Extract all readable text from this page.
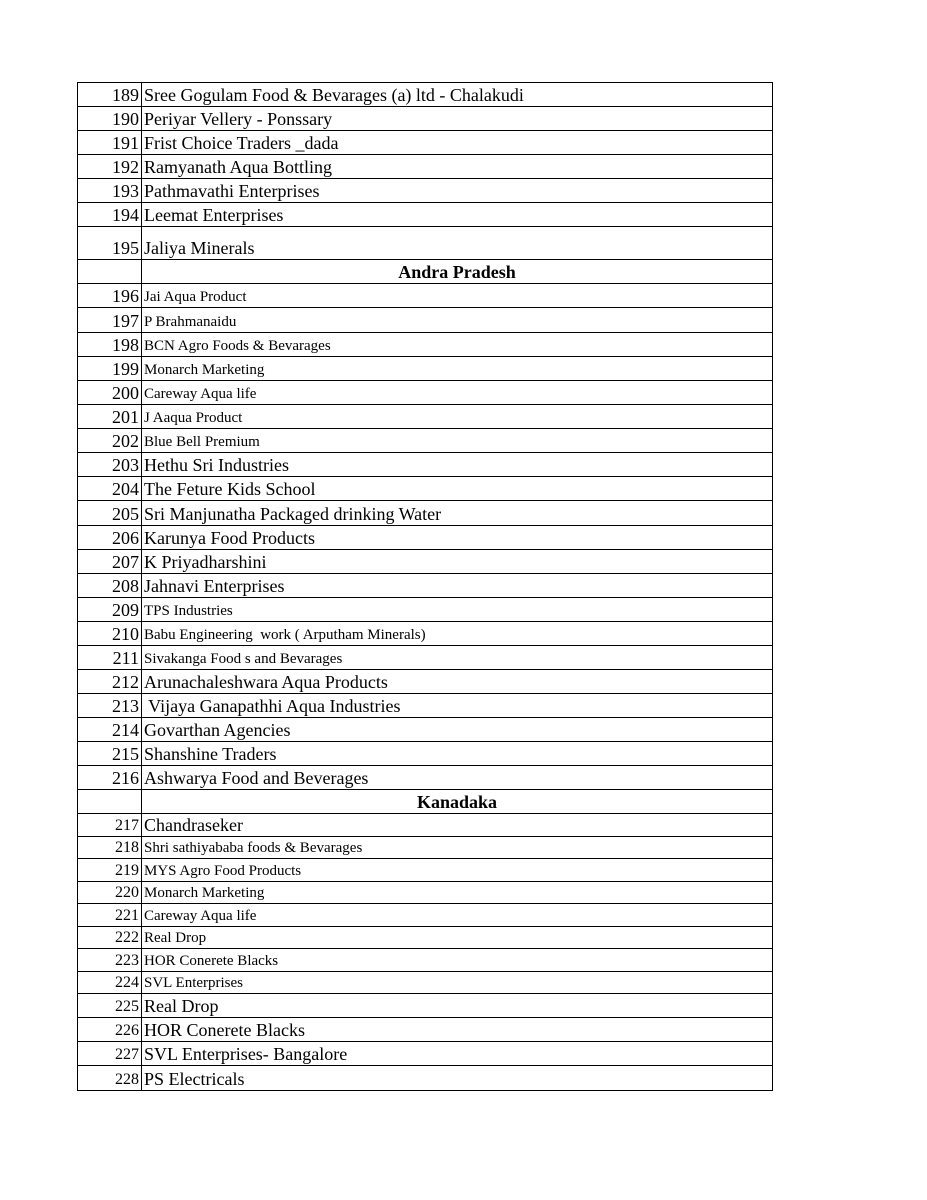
189 Sree Gogulam Food & Bevarages (a) ltd - Chalakudi
190 Periyar Vellery - Ponssary
191 Frist Choice Traders _dada
192 Ramyanath Aqua Bottling
193 Pathmavathi Enterprises
194 Leemat Enterprises
195 Jaliya Minerals
Andra Pradesh
196 Jai Aqua Product
197 P Brahmanaidu
198 BCN Agro Foods & Bevarages
199 Monarch Marketing
200 Careway Aqua life
201 J Aaqua Product
202 Blue Bell Premium
203 Hethu Sri Industries
204 The Feture Kids School
205 Sri Manjunatha Packaged drinking Water
206 Karunya Food Products
207 K Priyadharshini
208 Jahnavi Enterprises
209 TPS Industries
210 Babu Engineering  work ( Arputham Minerals)
211 Sivakanga Food s and Bevarages
212 Arunachaleshwara Aqua Products
213 Vijaya Ganapathhi Aqua Industries
214 Govarthan Agencies
215 Shanshine Traders
216 Ashwarya Food and Beverages
Kanadaka
217 Chandraseker
218 Shri sathiyababa foods & Bevarages
219 MYS Agro Food Products
220 Monarch Marketing
221 Careway Aqua life
222 Real Drop
223 HOR Conerete Blacks
224 SVL Enterprises
225 Real Drop
226 HOR Conerete Blacks
227 SVL Enterprises- Bangalore
228 PS Electricals
